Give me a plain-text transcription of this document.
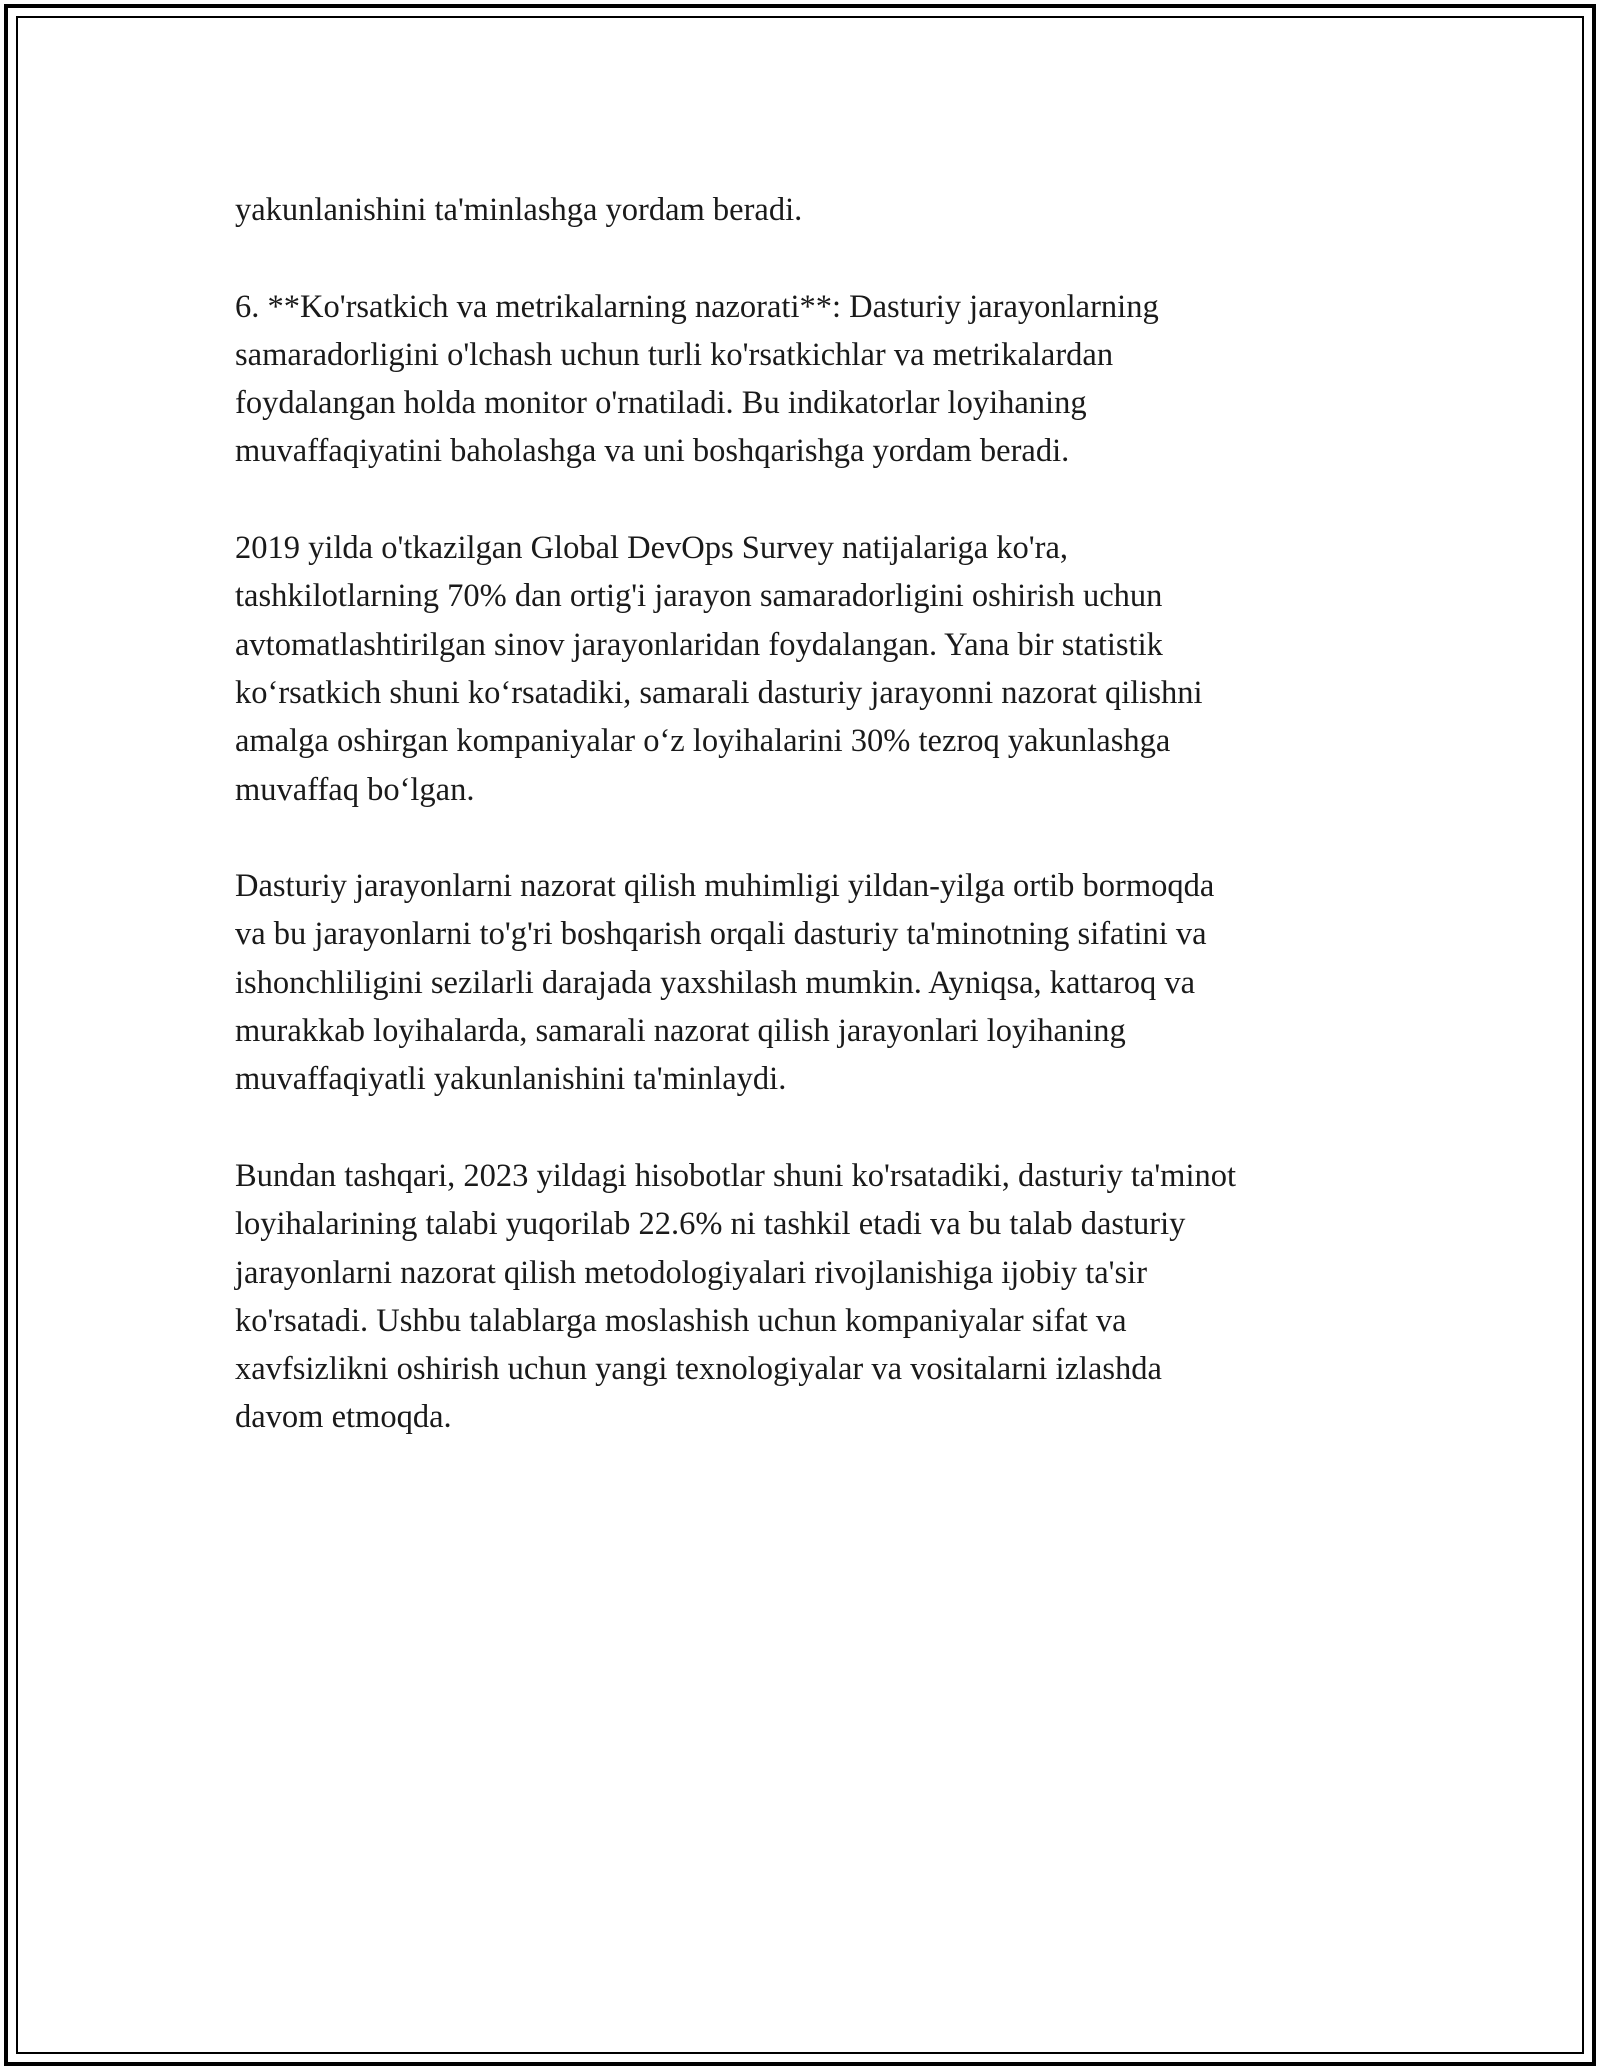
yakunlanishini ta'minlashga yordam beradi.

6. **Ko'rsatkich va metrikalarning nazorati**: Dasturiy jarayonlarning
samaradorligini o'lchash uchun turli ko'rsatkichlar va metrikalardan
foydalangan holda monitor o'rnatiladi. Bu indikatorlar loyihaning
muvaffaqiyatini baholashga va uni boshqarishga yordam beradi.

2019 yilda o'tkazilgan Global DevOps Survey natijalariga ko'ra,
tashkilotlarning 70% dan ortig'i jarayon samaradorligini oshirish uchun
avtomatlashtirilgan sinov jarayonlaridan foydalangan. Yana bir statistik
ko‘rsatkich shuni ko‘rsatadiki, samarali dasturiy jarayonni nazorat qilishni
amalga oshirgan kompaniyalar o‘z loyihalarini 30% tezroq yakunlashga
muvaffaq bo‘lgan.

Dasturiy jarayonlarni nazorat qilish muhimligi yildan-yilga ortib bormoqda
va bu jarayonlarni to'g'ri boshqarish orqali dasturiy ta'minotning sifatini va
ishonchliligini sezilarli darajada yaxshilash mumkin. Ayniqsa, kattaroq va
murakkab loyihalarda, samarali nazorat qilish jarayonlari loyihaning
muvaffaqiyatli yakunlanishini ta'minlaydi.

Bundan tashqari, 2023 yildagi hisobotlar shuni ko'rsatadiki, dasturiy ta'minot
loyihalarining talabi yuqorilab 22.6% ni tashkil etadi va bu talab dasturiy
jarayonlarni nazorat qilish metodologiyalari rivojlanishiga ijobiy ta'sir
ko'rsatadi. Ushbu talablarga moslashish uchun kompaniyalar sifat va
xavfsizlikni oshirish uchun yangi texnologiyalar va vositalarni izlashda
davom etmoqda.
